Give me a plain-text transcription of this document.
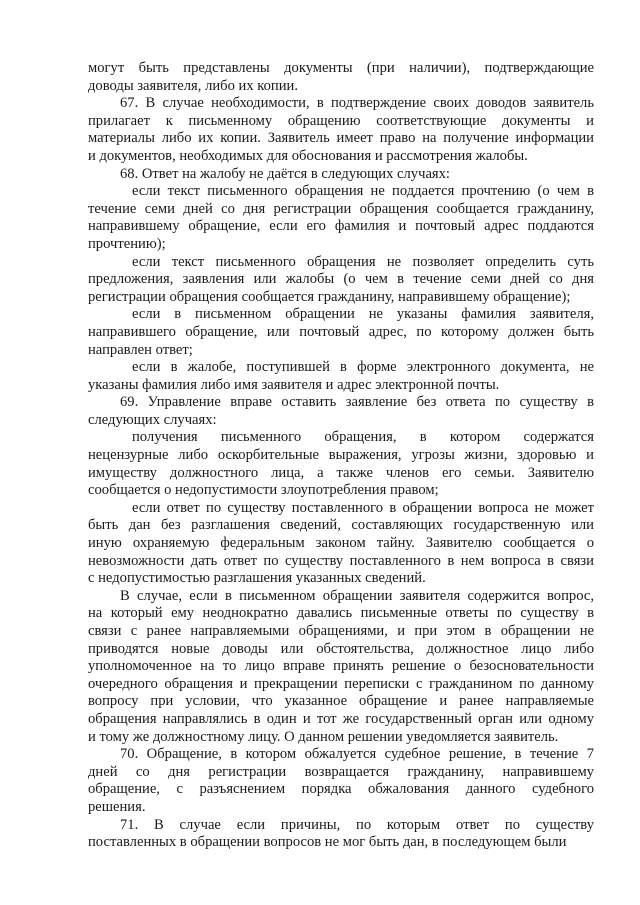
могут быть представлены документы (при наличии), подтверждающие
доводы заявителя, либо их копии.
67. В случае необходимости, в подтверждение своих доводов заявитель
прилагает к письменному обращению соответствующие документы и
материалы либо их копии. Заявитель имеет право на получение информации
и документов, необходимых для обоснования и рассмотрения жалобы.
68. Ответ на жалобу не даётся в следующих случаях:
если текст письменного обращения не поддается прочтению (о чем в
течение семи дней со дня регистрации обращения сообщается гражданину,
направившему обращение, если его фамилия и почтовый адрес поддаются
прочтению);
если текст письменного обращения не позволяет определить суть
предложения, заявления или жалобы (о чем в течение семи дней со дня
регистрации обращения сообщается гражданину, направившему обращение);
если в письменном обращении не указаны фамилия заявителя,
направившего обращение, или почтовый адрес, по которому должен быть
направлен ответ;
если в жалобе, поступившей в форме электронного документа, не
указаны фамилия либо имя заявителя и адрес электронной почты.
69. Управление вправе оставить заявление без ответа по существу в
следующих случаях:
получения письменного обращения, в котором содержатся
нецензурные либо оскорбительные выражения, угрозы жизни, здоровью и
имуществу должностного лица, а также членов его семьи. Заявителю
сообщается о недопустимости злоупотребления правом;
если ответ по существу поставленного в обращении вопроса не может
быть дан без разглашения сведений, составляющих государственную или
иную охраняемую федеральным законом тайну. Заявителю сообщается о
невозможности дать ответ по существу поставленного в нем вопроса в связи
с недопустимостью разглашения указанных сведений.
В случае, если в письменном обращении заявителя содержится вопрос,
на который ему неоднократно давались письменные ответы по существу в
связи с ранее направляемыми обращениями, и при этом в обращении не
приводятся новые доводы или обстоятельства, должностное лицо либо
уполномоченное на то лицо вправе принять решение о безосновательности
очередного обращения и прекращении переписки с гражданином по данному
вопросу при условии, что указанное обращение и ранее направляемые
обращения направлялись в один и тот же государственный орган или одному
и тому же должностному лицу. О данном решении уведомляется заявитель.
70. Обращение, в котором обжалуется судебное решение, в течение 7
дней со дня регистрации возвращается гражданину, направившему
обращение, с разъяснением порядка обжалования данного судебного
решения.
71. В случае если причины, по которым ответ по существу
поставленных в обращении вопросов не мог быть дан, в последующем были
